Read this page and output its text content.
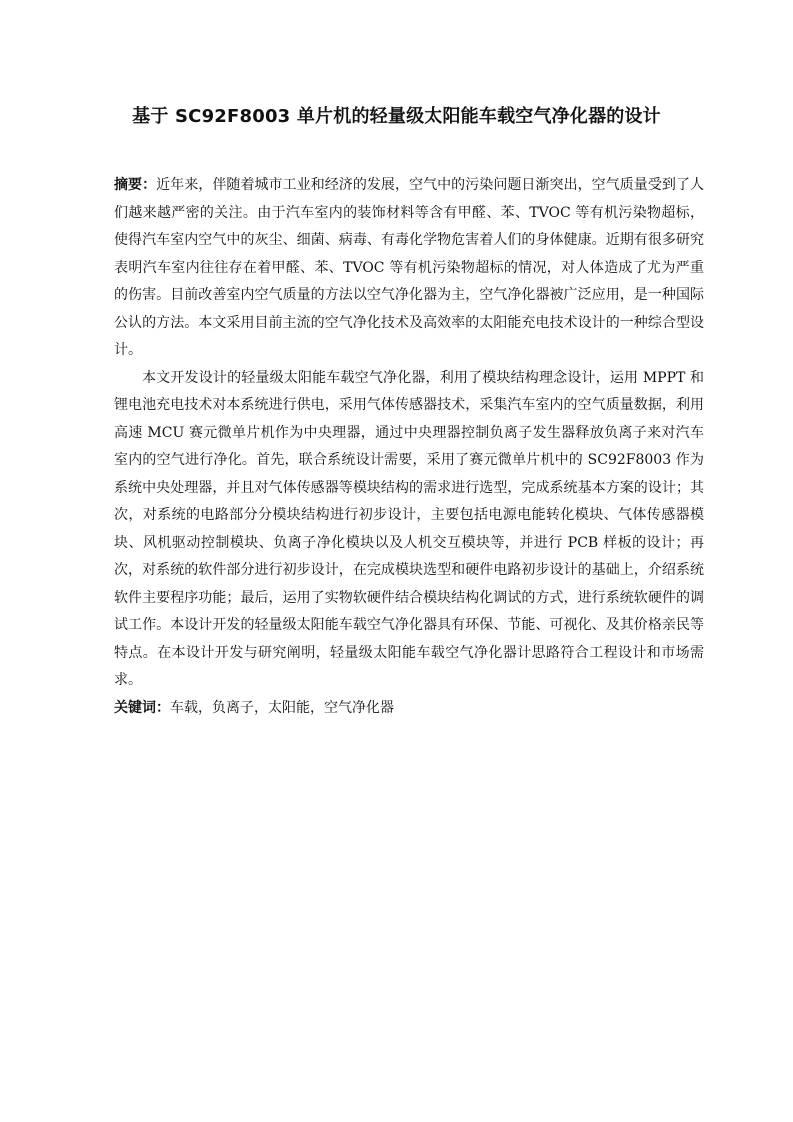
基于 SC92F8003 单片机的轻量级太阳能车载空气净化器的设计

摘要：近年来，伴随着城市工业和经济的发展，空气中的污染问题日渐突出，空气质量受到了人们越来越严密的关注。由于汽车室内的装饰材料等含有甲醛、苯、TVOC 等有机污染物超标，使得汽车室内空气中的灰尘、细菌、病毒、有毒化学物危害着人们的身体健康。近期有很多研究表明汽车室内往往存在着甲醛、苯、TVOC 等有机污染物超标的情况，对人体造成了尤为严重的伤害。目前改善室内空气质量的方法以空气净化器为主，空气净化器被广泛应用，是一种国际公认的方法。本文采用目前主流的空气净化技术及高效率的太阳能充电技术设计的一种综合型设计。

本文开发设计的轻量级太阳能车载空气净化器，利用了模块结构理念设计，运用 MPPT 和锂电池充电技术对本系统进行供电，采用气体传感器技术，采集汽车室内的空气质量数据，利用高速 MCU 赛元微单片机作为中央理器，通过中央理器控制负离子发生器释放负离子来对汽车室内的空气进行净化。首先，联合系统设计需要，采用了赛元微单片机中的 SC92F8003 作为系统中央处理器，并且对气体传感器等模块结构的需求进行选型，完成系统基本方案的设计；其次，对系统的电路部分分模块结构进行初步设计，主要包括电源电能转化模块、气体传感器模块、风机驱动控制模块、负离子净化模块以及人机交互模块等，并进行 PCB 样板的设计；再次，对系统的软件部分进行初步设计，在完成模块选型和硬件电路初步设计的基础上，介绍系统软件主要程序功能；最后，运用了实物软硬件结合模块结构化调试的方式，进行系统软硬件的调试工作。本设计开发的轻量级太阳能车载空气净化器具有环保、节能、可视化、及其价格亲民等特点。在本设计开发与研究阐明，轻量级太阳能车载空气净化器计思路符合工程设计和市场需求。

关键词：车载，负离子，太阳能，空气净化器
